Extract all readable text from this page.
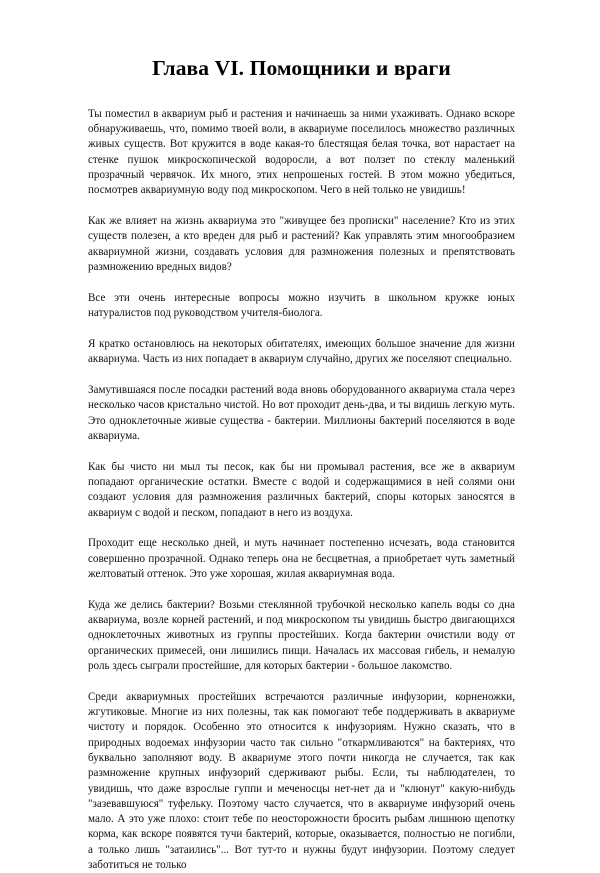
Глава VI. Помощники и враги

Ты поместил в аквариум рыб и растения и начинаешь за ними ухаживать. Однако вскоре обнаруживаешь, что, помимо твоей воли, в аквариуме поселилось множество различных живых существ. Вот кружится в воде какая-то блестящая белая точка, вот нарастает на стенке пушок микроскопической водоросли, а вот ползет по стеклу маленький прозрачный червячок. Их много, этих непрошеных гостей. В этом можно убедиться, посмотрев аквариумную воду под микроскопом. Чего в ней только не увидишь!

Как же влияет на жизнь аквариума это "живущее без прописки" население? Кто из этих существ полезен, а кто вреден для рыб и растений? Как управлять этим многообразием аквариумной жизни, создавать условия для размножения полезных и препятствовать размножению вредных видов?

Все эти очень интересные вопросы можно изучить в школьном кружке юных натуралистов под руководством учителя-биолога.

Я кратко остановлюсь на некоторых обитателях, имеющих большое значение для жизни аквариума. Часть из них попадает в аквариум случайно, других же поселяют специально.

Замутившаяся после посадки растений вода вновь оборудованного аквариума стала через несколько часов кристально чистой. Но вот проходит день-два, и ты видишь легкую муть. Это одноклеточные живые существа - бактерии. Миллионы бактерий поселяются в воде аквариума.

Как бы чисто ни мыл ты песок, как бы ни промывал растения, все же в аквариум попадают органические остатки. Вместе с водой и содержащимися в ней солями они создают условия для размножения различных бактерий, споры которых заносятся в аквариум с водой и песком, попадают в него из воздуха.

Проходит еще несколько дней, и муть начинает постепенно исчезать, вода становится совершенно прозрачной. Однако теперь она не бесцветная, а приобретает чуть заметный желтоватый оттенок. Это уже хорошая, жилая аквариумная вода.

Куда же делись бактерии? Возьми стеклянной трубочкой несколько капель воды со дна аквариума, возле корней растений, и под микроскопом ты увидишь быстро двигающихся одноклеточных животных из группы простейших. Когда бактерии очистили воду от органических примесей, они лишились пищи. Началась их массовая гибель, и немалую роль здесь сыграли простейшие, для которых бактерии - большое лакомство.

Среди аквариумных простейших встречаются различные инфузории, корненожки, жгутиковые. Многие из них полезны, так как помогают тебе поддерживать в аквариуме чистоту и порядок. Особенно это относится к инфузориям. Нужно сказать, что в природных водоемах инфузории часто так сильно "откармливаются" на бактериях, что буквально заполняют воду. В аквариуме этого почти никогда не случается, так как размножение крупных инфузорий сдерживают рыбы. Если, ты наблюдателен, то увидишь, что даже взрослые гуппи и меченосцы нет-нет да и "клюнут" какую-нибудь "зазевавшуюся" туфельку. Поэтому часто случается, что в аквариуме инфузорий очень мало. А это уже плохо: стоит тебе по неосторожности бросить рыбам лишнюю щепотку корма, как вскоре появятся тучи бактерий, которые, оказывается, полностью не погибли, а только лишь "затаились"... Вот тут-то и нужны будут инфузории. Поэтому следует заботиться не только
